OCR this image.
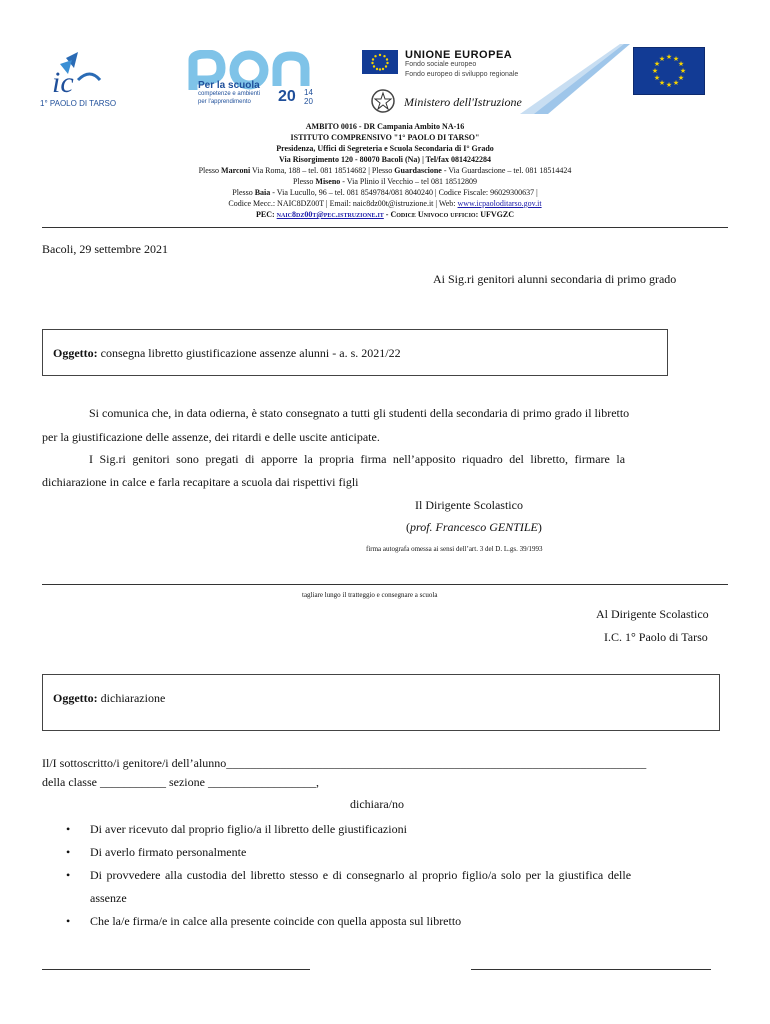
ic
1° PAOLO DI TARSO
Per la scuola
competenze e ambienti
per l'apprendimento	20 14
20
UNIONE EUROPEA
Fondo sociale europeo
Fondo europeo di sviluppo regionale
Ministero dell'Istruzione
★ ★
★
★
★
★
★
★
★
★
★
★
AMBITO 0016 - DR Campania Ambito NA-16
ISTITUTO COMPRENSIVO "1° PAOLO DI TARSO"
Presidenza, Uffici di Segreteria e Scuola Secondaria di I° Grado
Via Risorgimento 120 - 80070 Bacoli (Na) | Tel/fax 0814242284
Plesso Marconi Via Roma, 188 – tel. 081 18514682 | Plesso Guardascione - Via Guardascione – tel. 081 18514424
Plesso Miseno - Via Plinio il Vecchio – tel 081 18512809
Plesso Baia - Via Lucullo, 96 – tel. 081 8549784/081 8040240 | Codice Fiscale: 96029300637 |
Codice Mecc.: NAIC8DZ00T | Email: naic8dz00t@istruzione.it | Web: www.icpaoloditarso.gov.it
PEC: naic8dz00t@pec.istruzione.it - Codice Univoco ufficio: UFVGZC
Bacoli, 29 settembre 2021
Ai Sig.ri genitori alunni secondaria di primo grado
Oggetto: consegna libretto giustificazione assenze alunni - a. s. 2021/22
Si comunica che, in data odierna, è stato consegnato a tutti gli studenti della secondaria di primo grado il libretto
per la giustificazione delle assenze, dei ritardi e delle uscite anticipate.
I Sig.ri genitori sono pregati di apporre la propria firma nell’apposito riquadro del libretto, firmare la
dichiarazione in calce e farla recapitare a scuola dai rispettivi figli
Il Dirigente Scolastico
(prof. Francesco GENTILE)
firma autografa omessa ai sensi dell’art. 3 del D. L.gs. 39/1993
tagliare lungo il tratteggio e consegnare a scuola
Al Dirigente Scolastico
I.C. 1° Paolo di Tarso
Oggetto: dichiarazione
Il/I sottoscritto/i genitore/i dell’alunno______________________________________________________________________
della classe ___________ sezione __________________,
dichiara/no
• Di aver ricevuto dal proprio figlio/a il libretto delle giustificazioni
• Di averlo firmato personalmente
• Di provvedere alla custodia del libretto stesso e di consegnarlo al proprio figlio/a solo per la giustifica delle
assenze
• Che la/e firma/e in calce alla presente coincide con quella apposta sul libretto
